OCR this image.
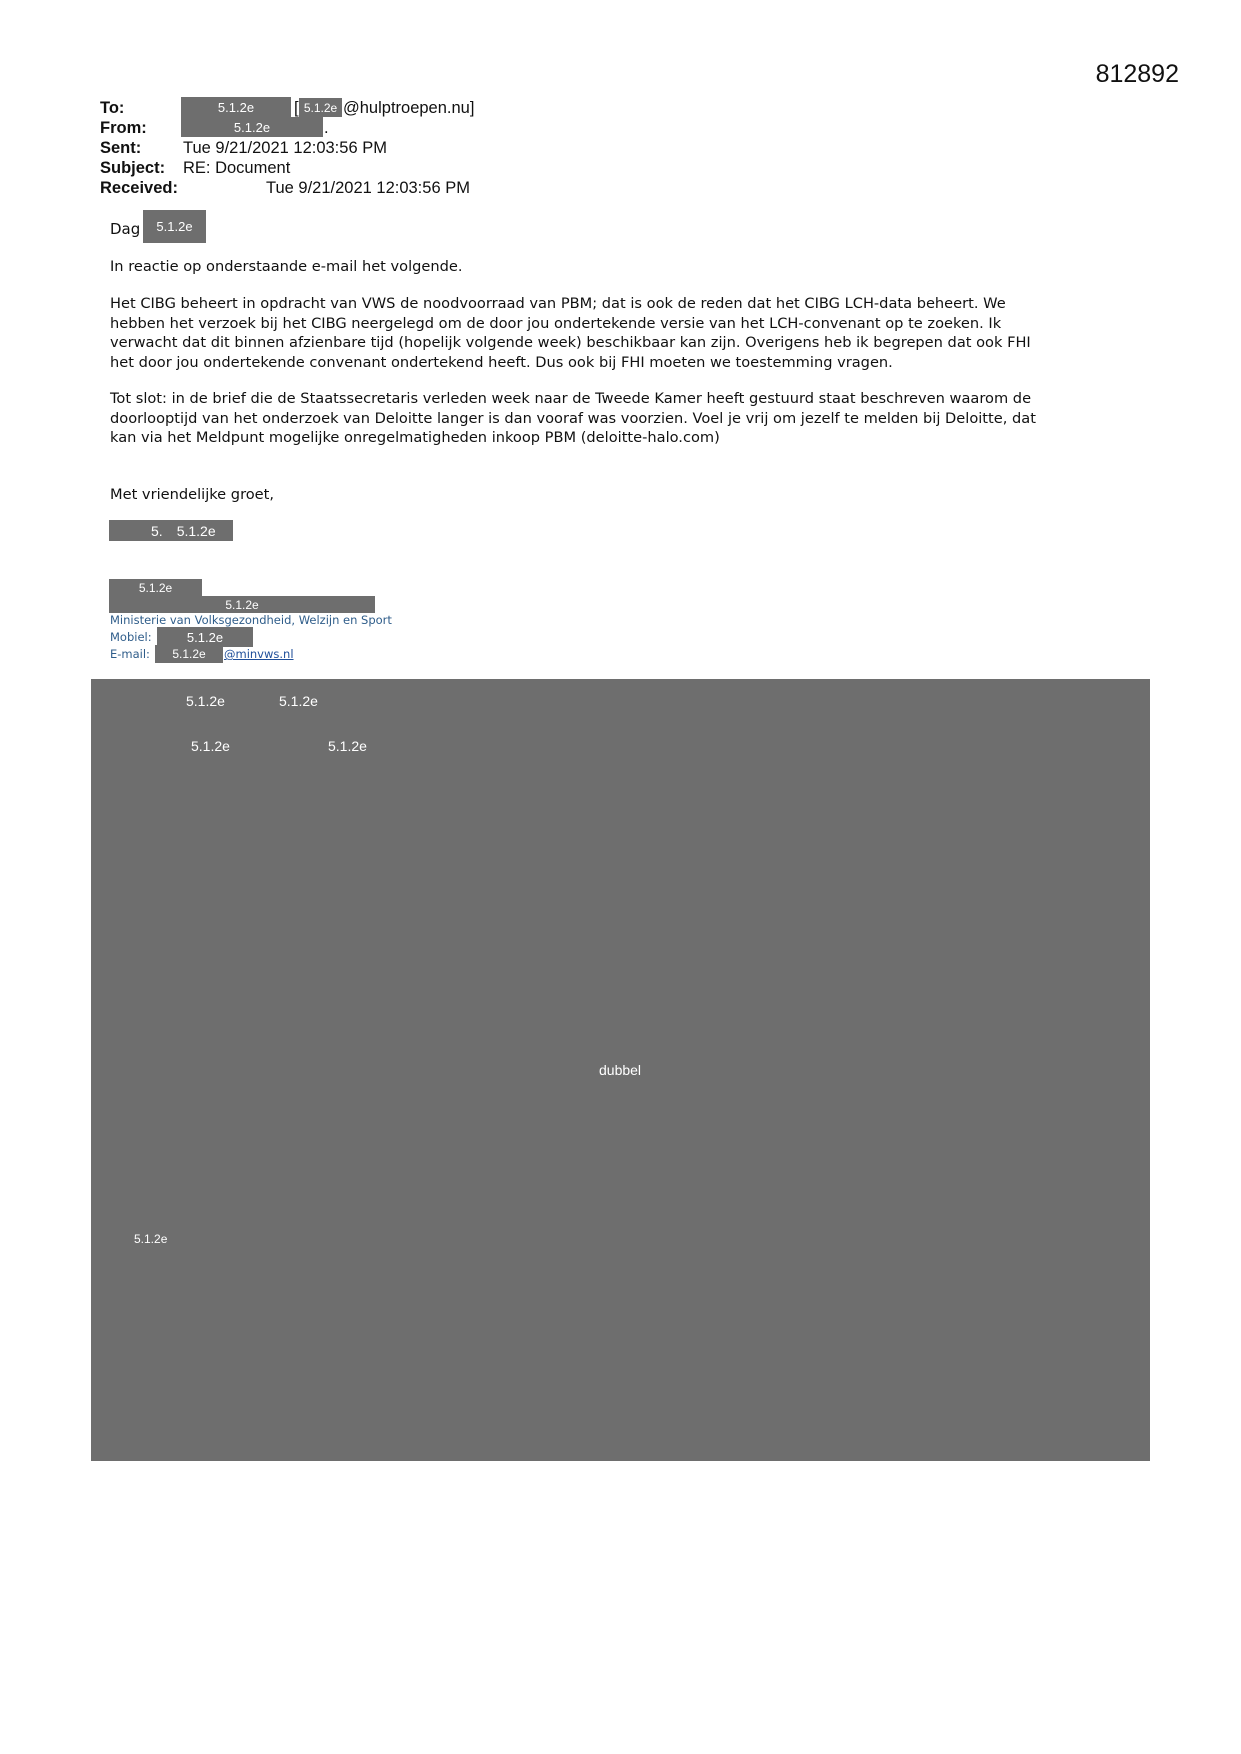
812892
To:	5.1.2e	[ 5.1.2e @hulptroepen.nu]
From:	5.1.2e	.
Sent:	Tue 9/21/2021 12:03:56 PM
Subject: RE: Document
Received:	Tue 9/21/2021 12:03:56 PM
Dag	5.1.2e
In reactie op onderstaande e-mail het volgende.
Het CIBG beheert in opdracht van VWS de noodvoorraad van PBM; dat is ook de reden dat het CIBG LCH-data beheert. We
hebben het verzoek bij het CIBG neergelegd om de door jou ondertekende versie van het LCH-convenant op te zoeken. Ik
verwacht dat dit binnen afzienbare tijd (hopelijk volgende week) beschikbaar kan zijn. Overigens heb ik begrepen dat ook FHI
het door jou ondertekende convenant ondertekend heeft. Dus ook bij FHI moeten we toestemming vragen.
Tot slot: in de brief die de Staatssecretaris verleden week naar de Tweede Kamer heeft gestuurd staat beschreven waarom de
doorlooptijd van het onderzoek van Deloitte langer is dan vooraf was voorzien. Voel je vrij om jezelf te melden bij Deloitte, dat
kan via het Meldpunt mogelijke onregelmatigheden inkoop PBM (deloitte-halo.com)
Met vriendelijke groet,
5. 5.1.2e
5.1.2e
5.1.2e
Ministerie van Volksgezondheid, Welzijn en Sport
Mobiel:	5.1.2e
E-mail:	5.1.2e	@minvws.nl
5.1.2e	5.1.2e
5.1.2e	5.1.2e
dubbel
5.1.2e
